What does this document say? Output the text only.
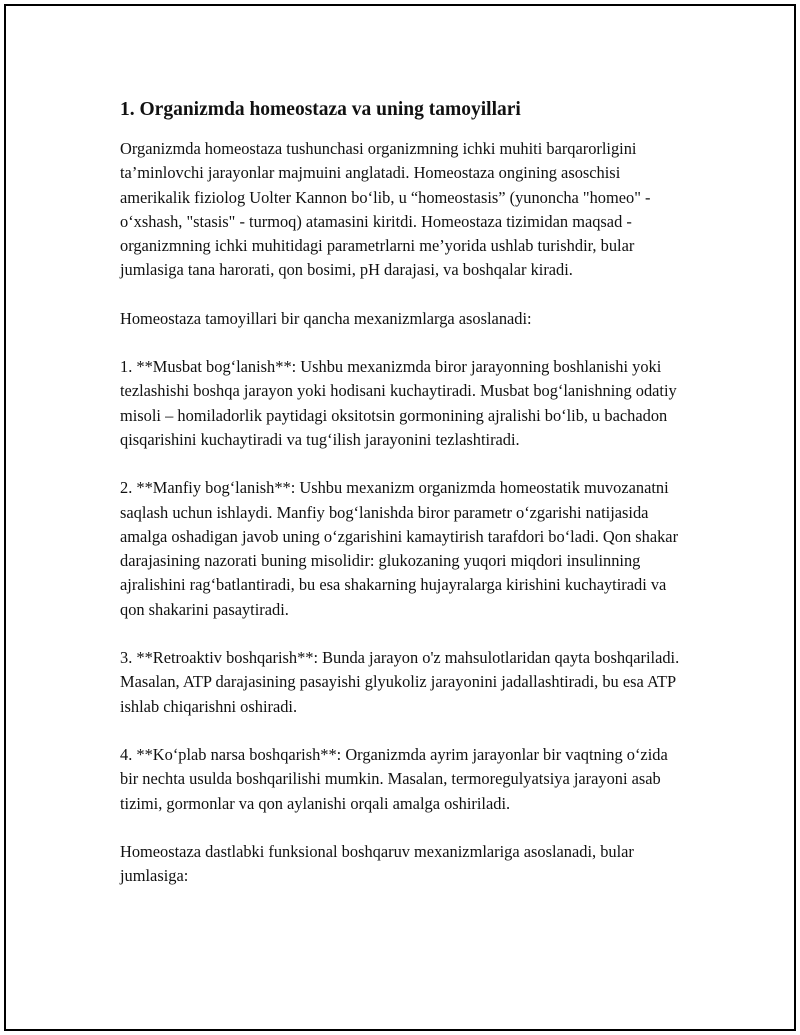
1. Organizmda homeostaza va uning tamoyillari

Organizmda homeostaza tushunchasi organizmning ichki muhiti barqarorligini ta’minlovchi jarayonlar majmuini anglatadi. Homeostaza ongining asoschisi amerikalik fiziolog Uolter Kannon bo‘lib, u “homeostasis” (yunoncha "homeo" - o‘xshash, "stasis" - turmoq) atamasini kiritdi. Homeostaza tizimidan maqsad - organizmning ichki muhitidagi parametrlarni me’yorida ushlab turishdir, bular jumlasiga tana harorati, qon bosimi, pH darajasi, va boshqalar kiradi.

Homeostaza tamoyillari bir qancha mexanizmlarga asoslanadi:

1. **Musbat bog‘lanish**: Ushbu mexanizmda biror jarayonning boshlanishi yoki tezlashishi boshqa jarayon yoki hodisani kuchaytiradi. Musbat bog‘lanishning odatiy misoli – homiladorlik paytidagi oksitotsin gormonining ajralishi bo‘lib, u bachadon qisqarishini kuchaytiradi va tug‘ilish jarayonini tezlashtiradi.

2. **Manfiy bog‘lanish**: Ushbu mexanizm organizmda homeostatik muvozanatni saqlash uchun ishlaydi. Manfiy bog‘lanishda biror parametr o‘zgarishi natijasida amalga oshadigan javob uning o‘zgarishini kamaytirish tarafdori bo‘ladi. Qon shakar darajasining nazorati buning misolidir: glukozaning yuqori miqdori insulinning ajralishini rag‘batlantiradi, bu esa shakarning hujayralarga kirishini kuchaytiradi va qon shakarini pasaytiradi.

3. **Retroaktiv boshqarish**: Bunda jarayon o'z mahsulotlaridan qayta boshqariladi. Masalan, ATP darajasining pasayishi glyukoliz jarayonini jadallashtiradi, bu esa ATP ishlab chiqarishni oshiradi.

4. **Ko‘plab narsa boshqarish**: Organizmda ayrim jarayonlar bir vaqtning o‘zida bir nechta usulda boshqarilishi mumkin. Masalan, termoregulyatsiya jarayoni asab tizimi, gormonlar va qon aylanishi orqali amalga oshiriladi.

Homeostaza dastlabki funksional boshqaruv mexanizmlariga asoslanadi, bular jumlasiga:
